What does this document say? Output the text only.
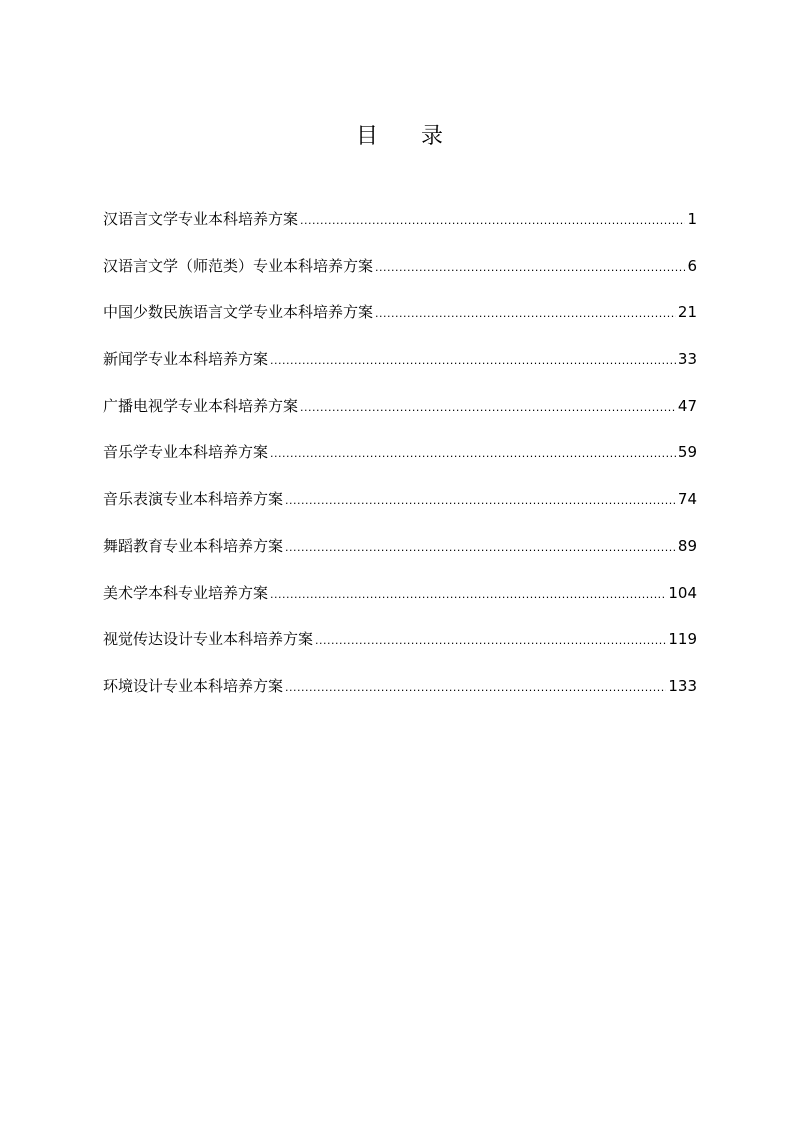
目 录
汉语言文学专业本科培养方案 .....	1
汉语言文学（师范类）专业本科培养方案 .....	6
中国少数民族语言文学专业本科培养方案 .....	21
新闻学专业本科培养方案 .....	33
广播电视学专业本科培养方案 .....	47
音乐学专业本科培养方案 .....	59
音乐表演专业本科培养方案 .....	74
舞蹈教育专业本科培养方案 .....	89
美术学本科专业培养方案 .....	104
视觉传达设计专业本科培养方案 .....	119
环境设计专业本科培养方案 .....	133
